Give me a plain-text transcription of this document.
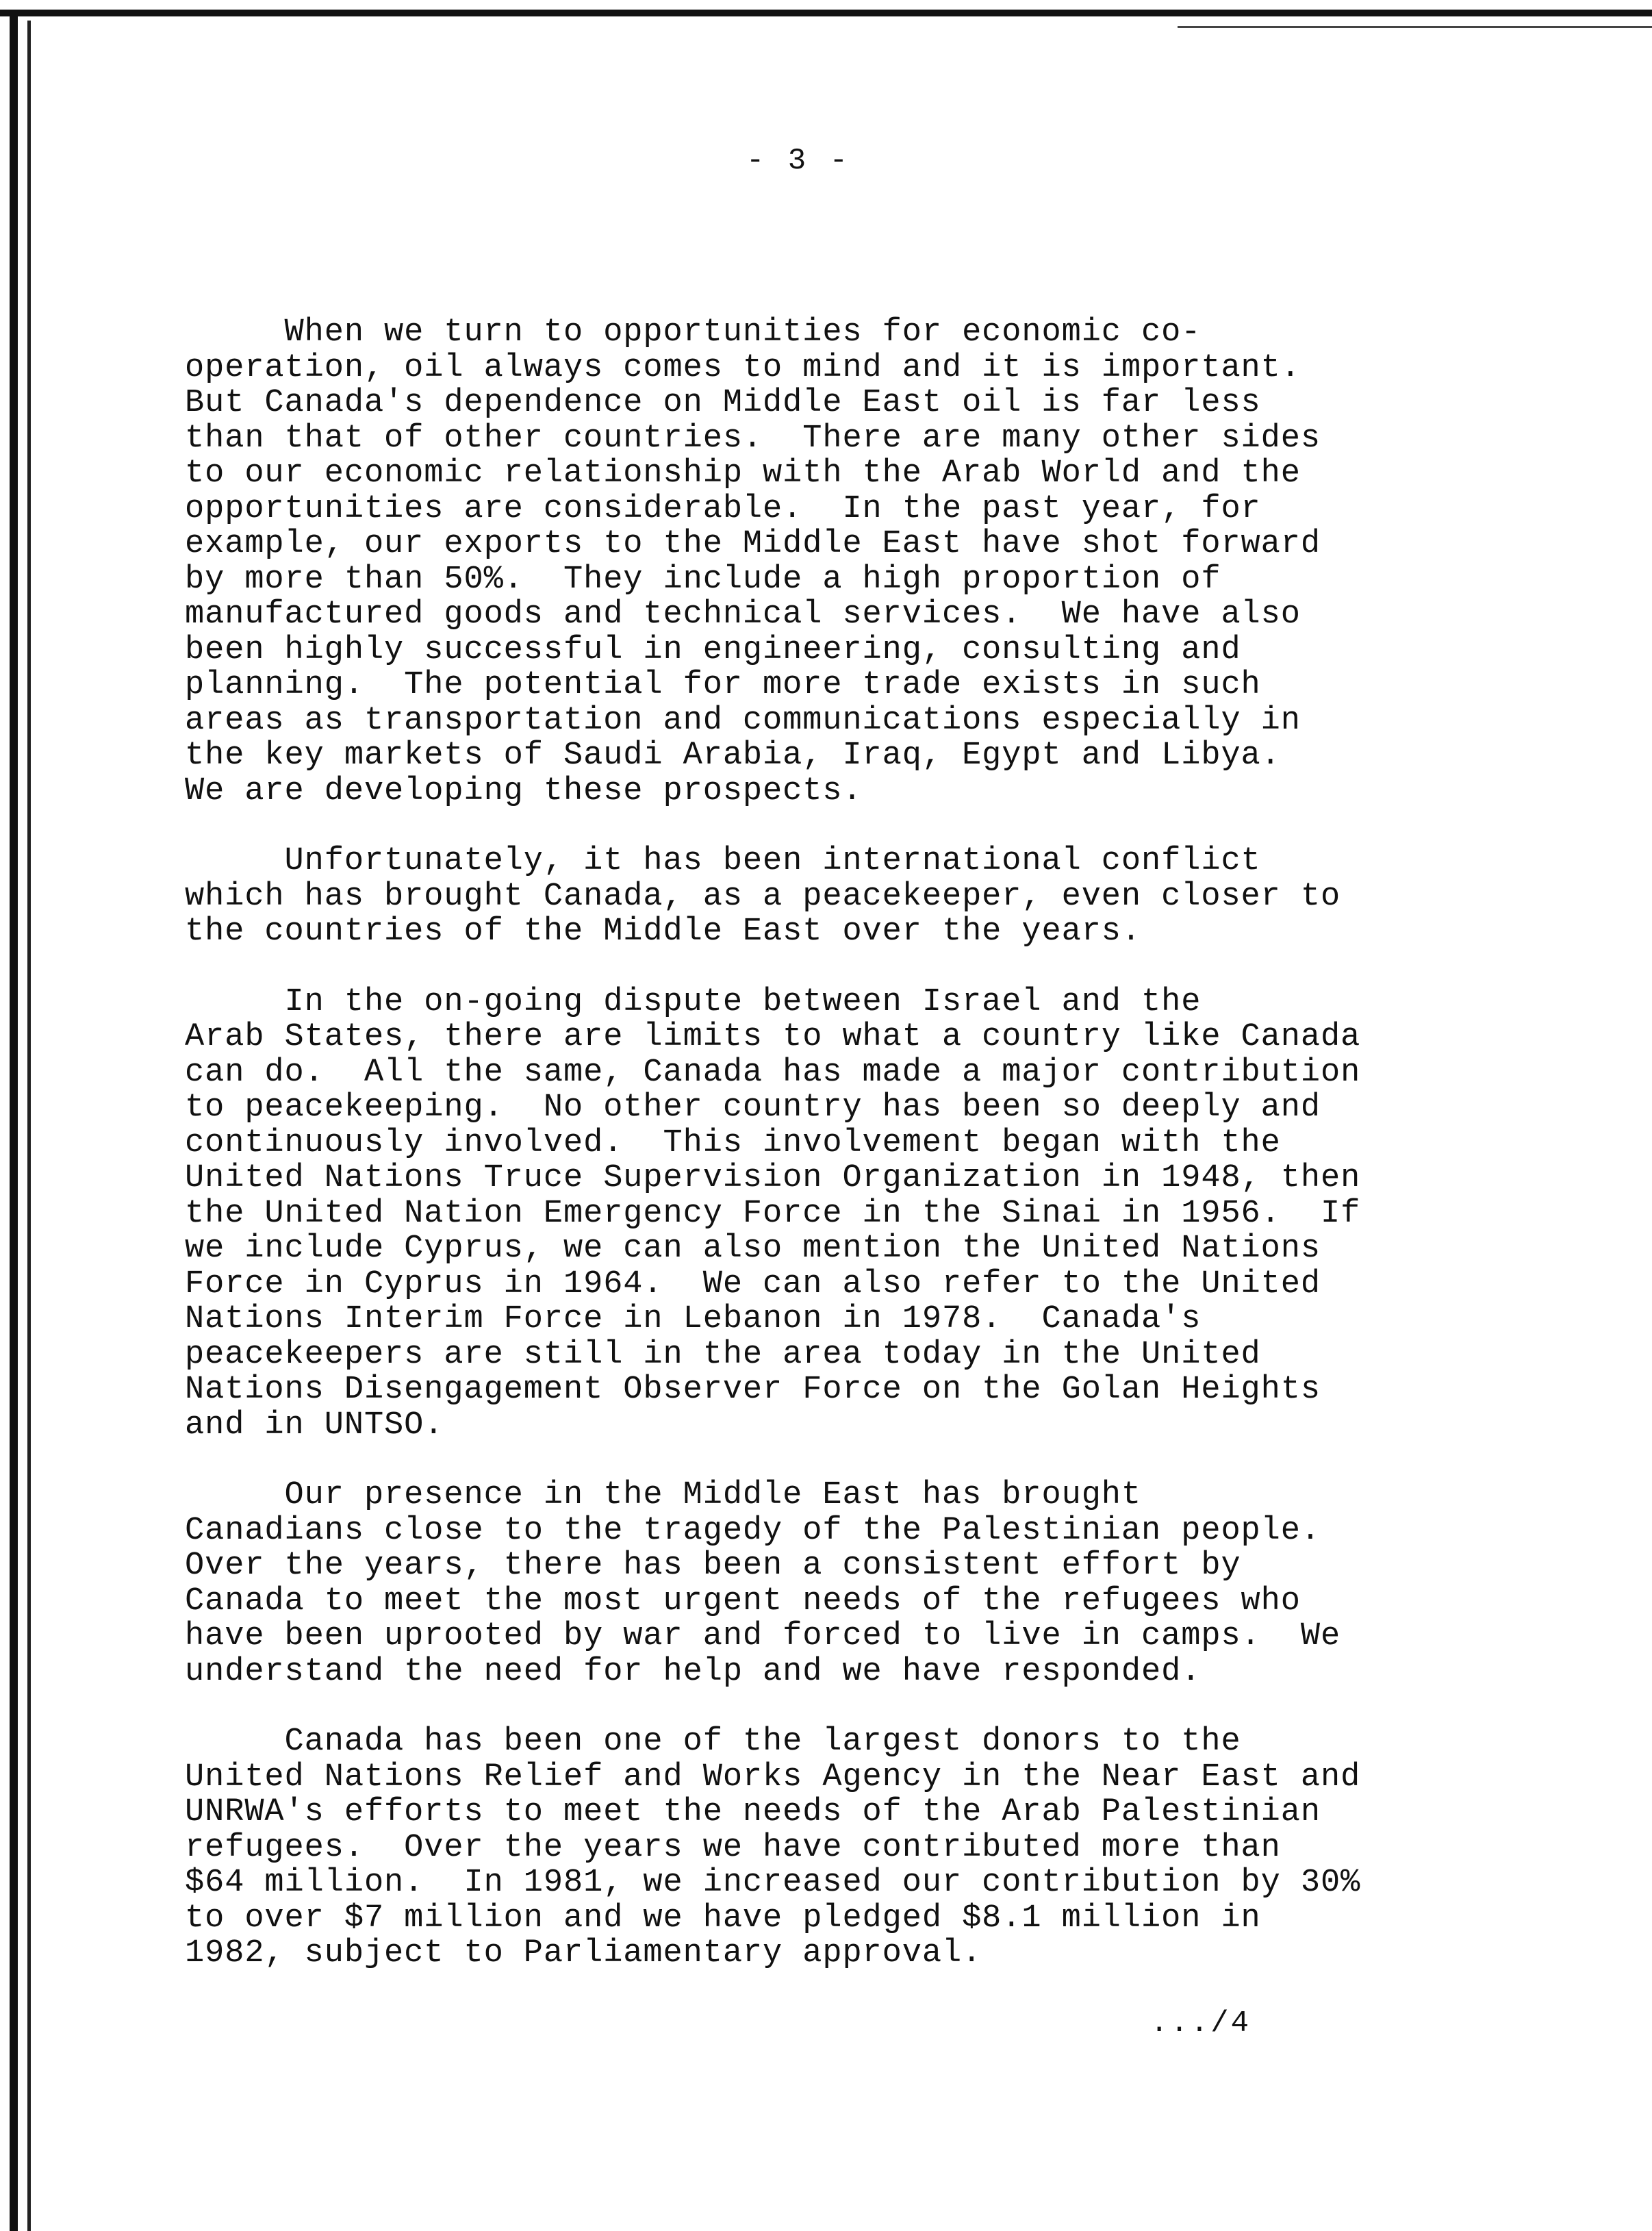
- 3 -
When we turn to opportunities for economic co-
operation, oil always comes to mind and it is important.
But Canada's dependence on Middle East oil is far less
than that of other countries.  There are many other sides
to our economic relationship with the Arab World and the
opportunities are considerable.  In the past year, for
example, our exports to the Middle East have shot forward
by more than 50%.  They include a high proportion of
manufactured goods and technical services.  We have also
been highly successful in engineering, consulting and
planning.  The potential for more trade exists in such
areas as transportation and communications especially in
the key markets of Saudi Arabia, Iraq, Egypt and Libya.
We are developing these prospects.
Unfortunately, it has been international conflict
which has brought Canada, as a peacekeeper, even closer to
the countries of the Middle East over the years.
In the on-going dispute between Israel and the
Arab States, there are limits to what a country like Canada
can do.  All the same, Canada has made a major contribution
to peacekeeping.  No other country has been so deeply and
continuously involved.  This involvement began with the
United Nations Truce Supervision Organization in 1948, then
the United Nation Emergency Force in the Sinai in 1956.  If
we include Cyprus, we can also mention the United Nations
Force in Cyprus in 1964.  We can also refer to the United
Nations Interim Force in Lebanon in 1978.  Canada's
peacekeepers are still in the area today in the United
Nations Disengagement Observer Force on the Golan Heights
and in UNTSO.
Our presence in the Middle East has brought
Canadians close to the tragedy of the Palestinian people.
Over the years, there has been a consistent effort by
Canada to meet the most urgent needs of the refugees who
have been uprooted by war and forced to live in camps.  We
understand the need for help and we have responded.
Canada has been one of the largest donors to the
United Nations Relief and Works Agency in the Near East and
UNRWA's efforts to meet the needs of the Arab Palestinian
refugees.  Over the years we have contributed more than
$64 million.  In 1981, we increased our contribution by 30%
to over $7 million and we have pledged $8.1 million in
1982, subject to Parliamentary approval.
.../4
